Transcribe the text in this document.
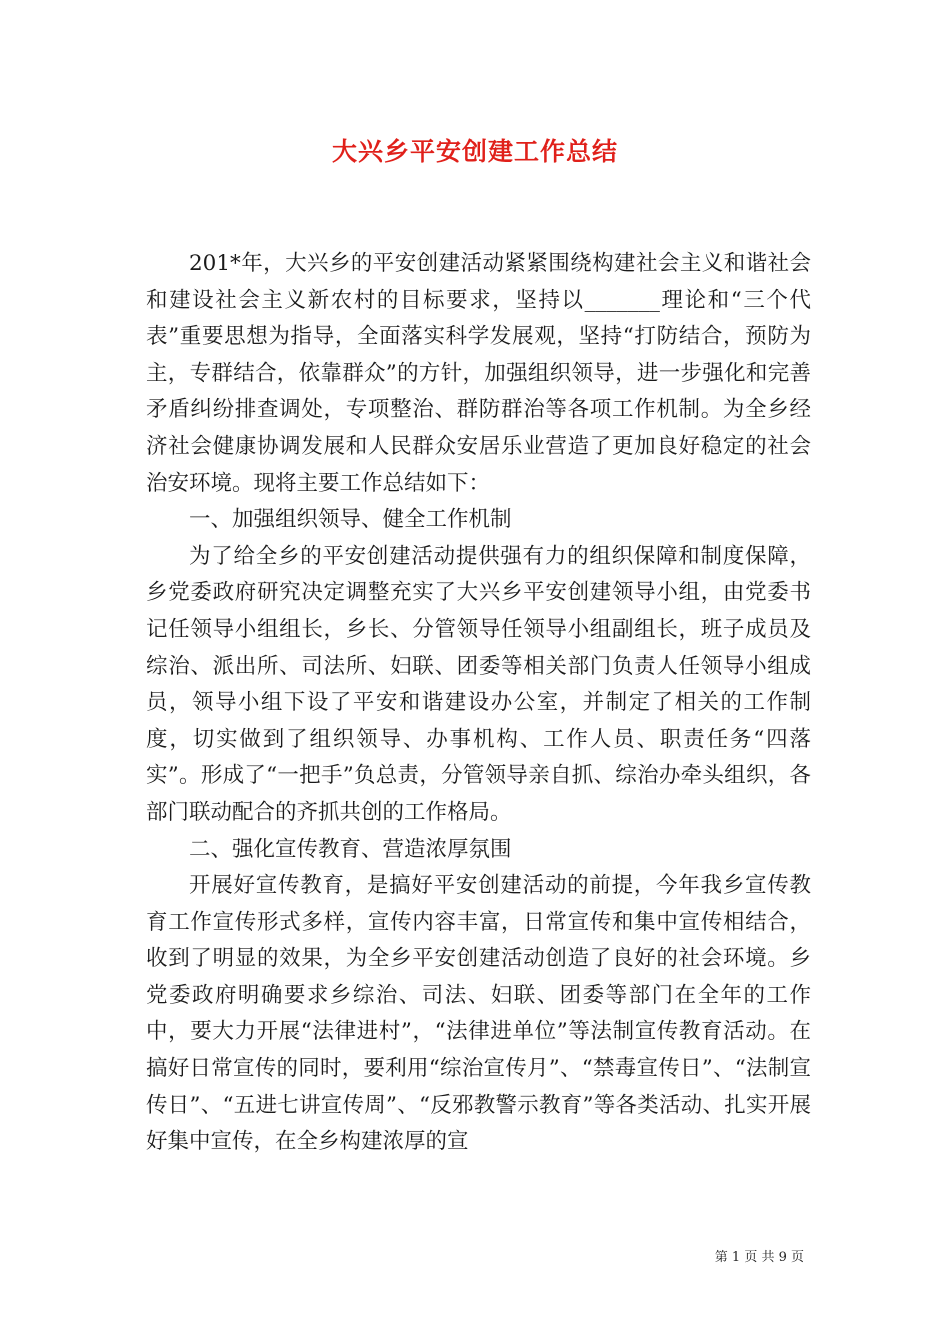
大兴乡平安创建工作总结

201*年，大兴乡的平安创建活动紧紧围绕构建社会主义和谐社会和建设社会主义新农村的目标要求，坚持以_______理论和“三个代表”重要思想为指导，全面落实科学发展观，坚持“打防结合，预防为主，专群结合，依靠群众”的方针，加强组织领导，进一步强化和完善矛盾纠纷排查调处，专项整治、群防群治等各项工作机制。为全乡经济社会健康协调发展和人民群众安居乐业营造了更加良好稳定的社会治安环境。现将主要工作总结如下：

一、加强组织领导、健全工作机制

为了给全乡的平安创建活动提供强有力的组织保障和制度保障，乡党委政府研究决定调整充实了大兴乡平安创建领导小组，由党委书记任领导小组组长，乡长、分管领导任领导小组副组长，班子成员及综治、派出所、司法所、妇联、团委等相关部门负责人任领导小组成员，领导小组下设了平安和谐建设办公室，并制定了相关的工作制度，切实做到了组织领导、办事机构、工作人员、职责任务“四落实”。形成了“一把手”负总责，分管领导亲自抓、综治办牵头组织，各部门联动配合的齐抓共创的工作格局。

二、强化宣传教育、营造浓厚氛围

开展好宣传教育，是搞好平安创建活动的前提，今年我乡宣传教育工作宣传形式多样，宣传内容丰富，日常宣传和集中宣传相结合，收到了明显的效果，为全乡平安创建活动创造了良好的社会环境。乡党委政府明确要求乡综治、司法、妇联、团委等部门在全年的工作中，要大力开展“法律进村”，“法律进单位”等法制宣传教育活动。在搞好日常宣传的同时，要利用“综治宣传月”、“禁毒宣传日”、“法制宣传日”、“五进七讲宣传周”、“反邪教警示教育”等各类活动、扎实开展好集中宣传，在全乡构建浓厚的宣

第 1 页 共 9 页
